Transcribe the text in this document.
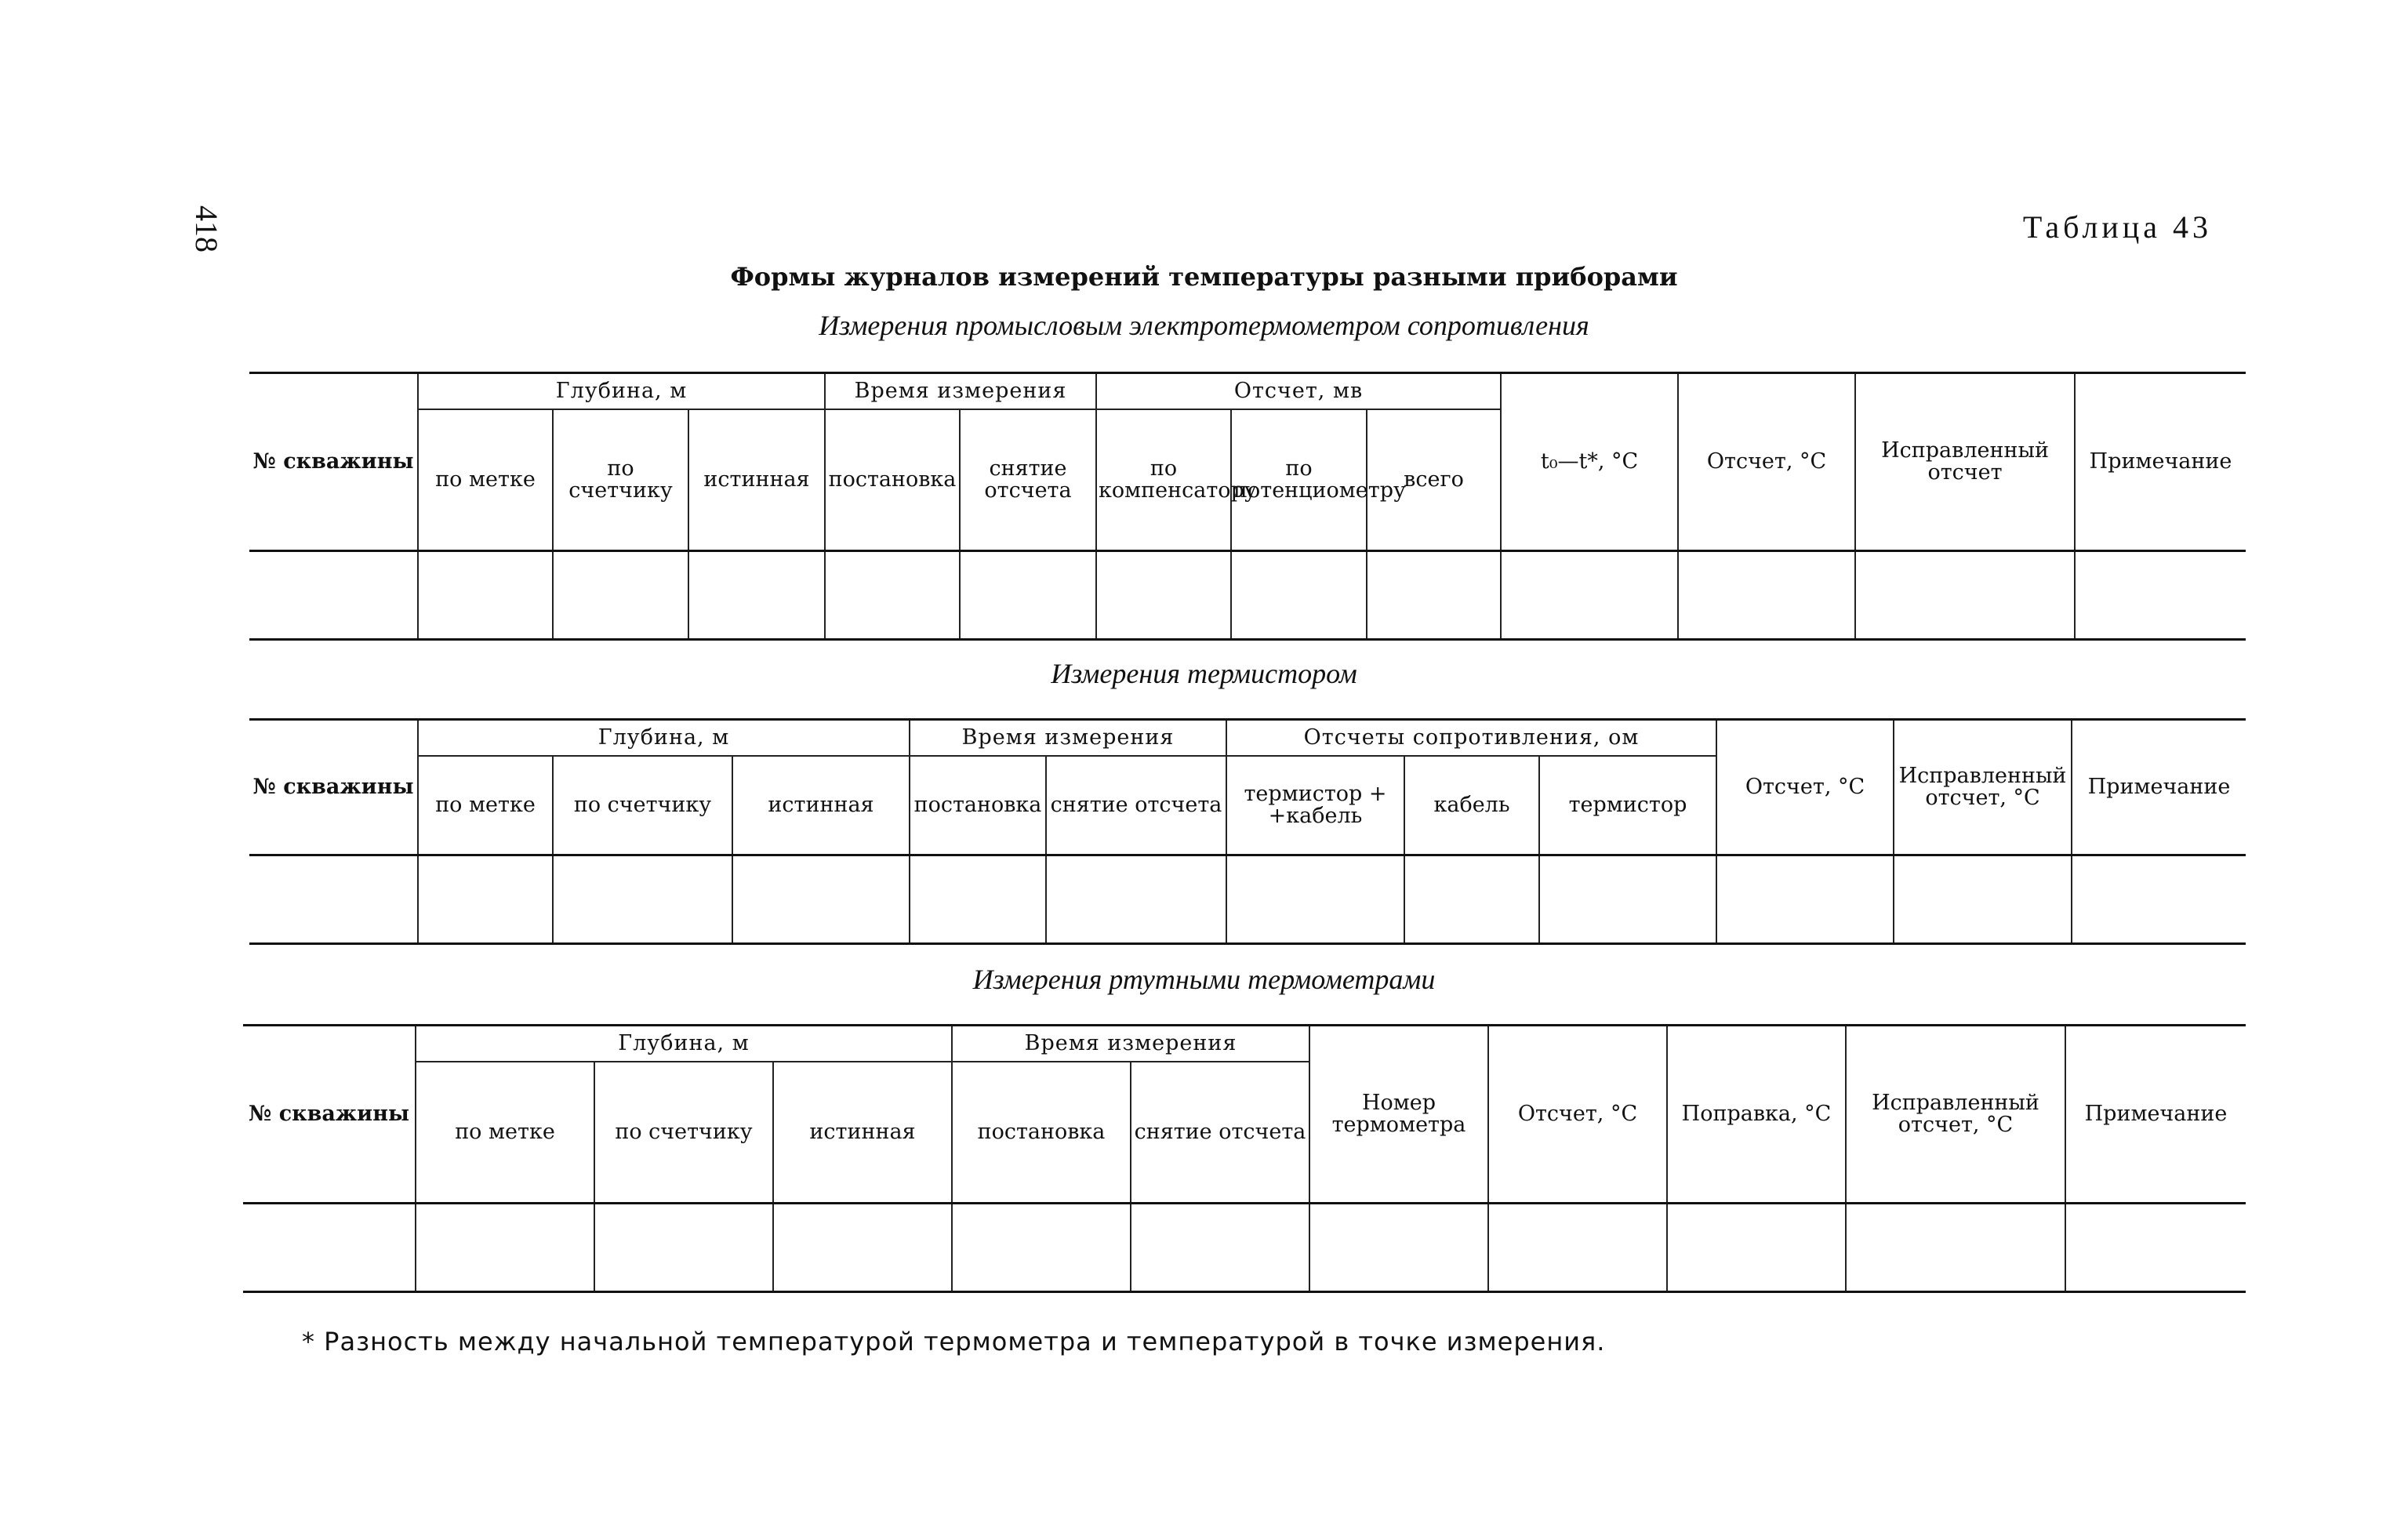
418	Таблица 43
Формы журналов измерений температуры разными приборами
Измерения промысловым электротермометром сопротивления
№ скважины	Глубина, м			Время измерения		Отсчет, мв			t₀—t*, °C	Отсчет, °C	Исправленный отсчет	Примечание
	по метке	по счетчику	истинная	постановка	снятие отсчета	по компенсатору	по потенциометру	всего				

Измерения термистором
№ скважины	Глубина, м			Время измерения		Отсчеты сопротивления, ом			Отсчет, °C	Исправленный отсчет, °C	Примечание
	по метке	по счетчику	истинная	постановка	снятие отсчета	термистор + +кабель	кабель	термистор			

Измерения ртутными термометрами
№ скважины	Глубина, м			Время измерения		Номер термометра	Отсчет, °C	Поправка, °C	Исправленный отсчет, °C	Примечание
	по метке	по счетчику	истинная	постановка	снятие отсчета					

* Разность между начальной температурой термометра и температурой в точке измерения.
